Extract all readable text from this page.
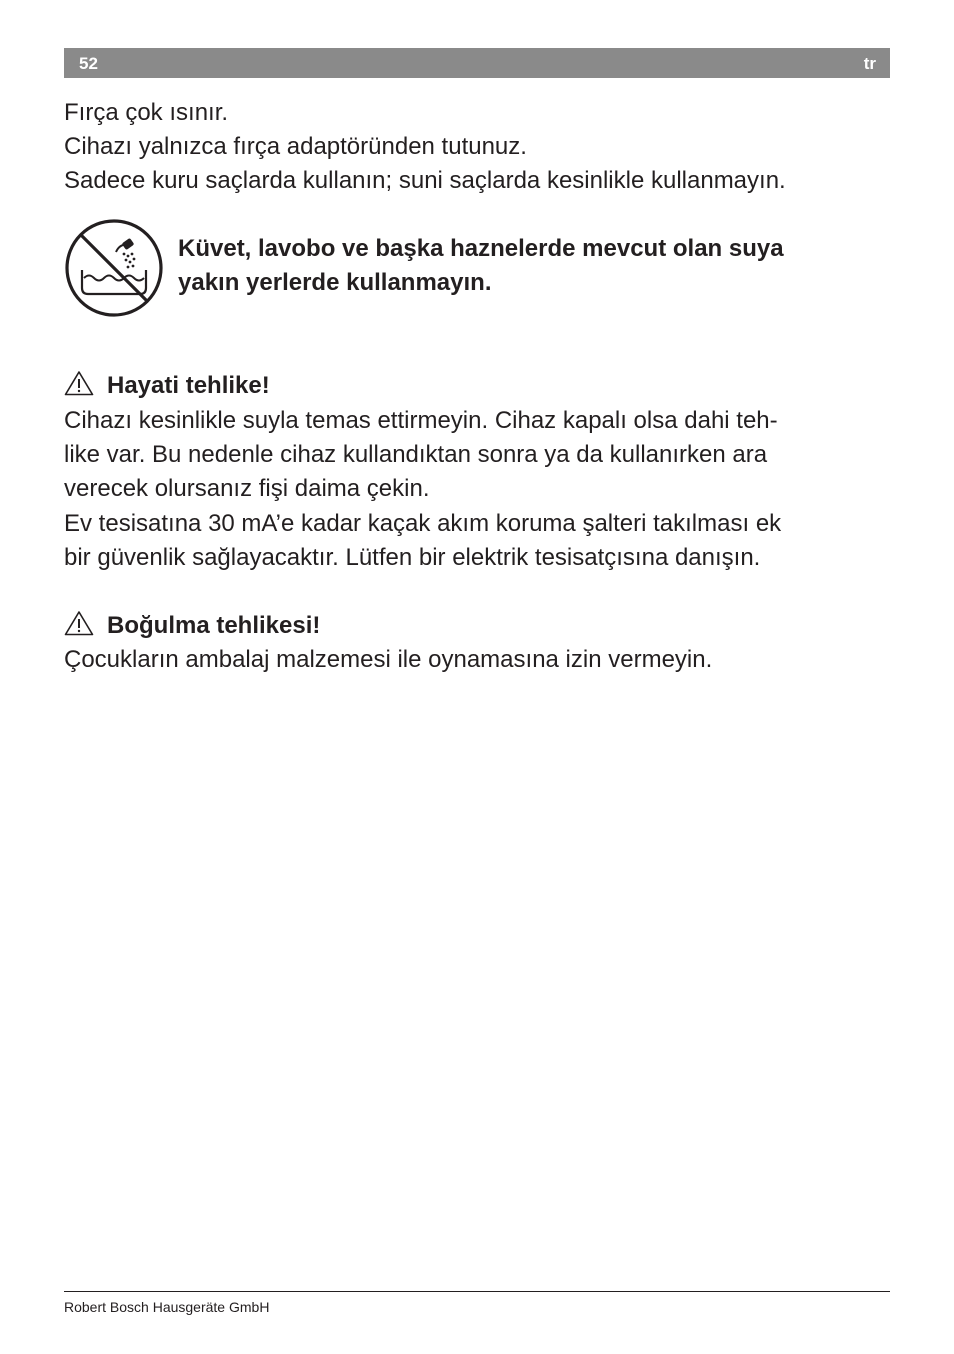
52	tr

Fırça çok ısınır.
Cihazı yalnızca fırça adaptöründen tutunuz.
Sadece kuru saçlarda kullanın; suni saçlarda kesinlikle kullanmayın.

Küvet, lavobo ve başka haznelerde mevcut olan suya
yakın yerlerde kullanmayın.

Hayati tehlike!

Cihazı kesinlikle suyla temas ettirmeyin. Cihaz kapalı olsa dahi teh-
like var. Bu nedenle cihaz kullandıktan sonra ya da kullanırken ara
verecek olursanız fişi daima çekin.
Ev tesisatına 30 mA’e kadar kaçak akım koruma şalteri takılması ek
bir güvenlik sağlayacaktır. Lütfen bir elektrik tesisatçısına danışın.

Boğulma tehlikesi!

Çocukların ambalaj malzemesi ile oynamasına izin vermeyin.

Robert Bosch Hausgeräte GmbH
